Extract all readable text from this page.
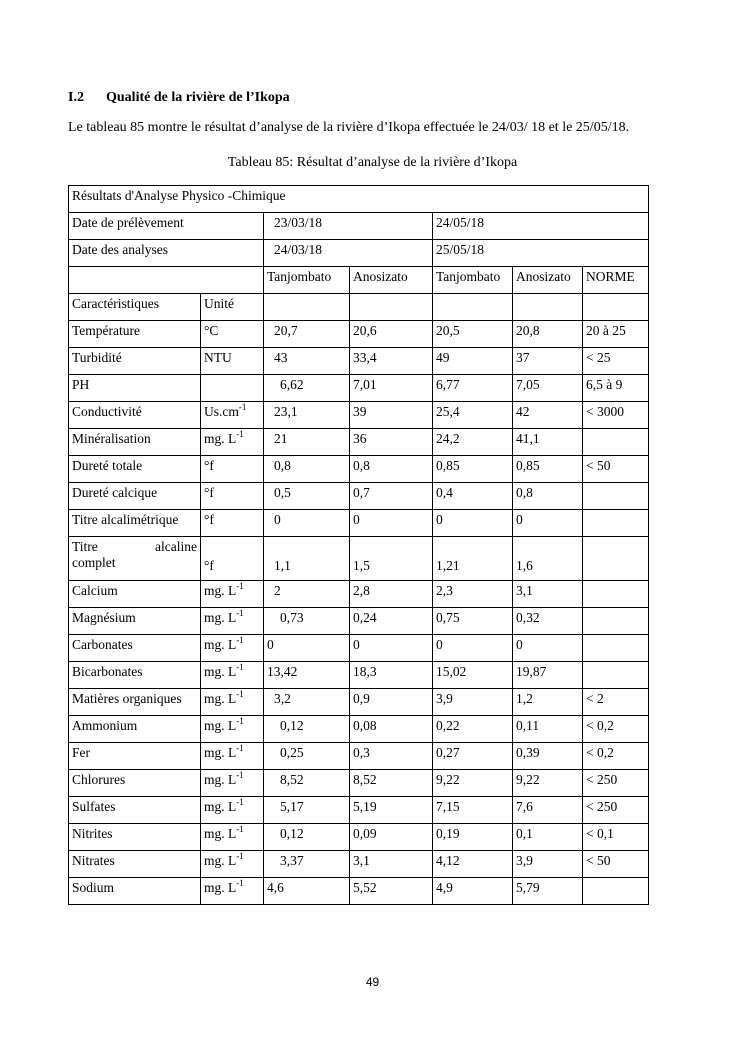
I.2 Qualité de la rivière de l’Ikopa
Le tableau 85 montre le résultat d’analyse de la rivière d’Ikopa effectuée le 24/03/ 18 et le 25/05/18.
Tableau 85: Résultat d’analyse de la rivière d’Ikopa
Résultats d'Analyse Physico -Chimique						
Date de prélèvement		23/03/18		24/05/18		
Date des analyses		24/03/18		25/05/18		
		Tanjombato	Anosizato	Tanjombato	Anosizato	NORME
Caractéristiques	Unité					
Température	°C	20,7	20,6	20,5	20,8	20 à 25
Turbidité	NTU	43	33,4	49	37	< 25
PH		6,62	7,01	6,77	7,05	6,5 à 9
Conductivité	$Us.cm^{-1}$	23,1	39	25,4	42	< 3000
Minéralisation	mg. $L^{-1}$	21	36	24,2	41,1	
Dureté totale	°f	0,8	0,8	0,85	0,85	< 50
Dureté calcique	°f	0,5	0,7	0,4	0,8	
Titre alcalimétrique	°f	0	0	0	0	

Titre alcaline
complet	°f	1,1	1,5	1,21	1,6	
Calcium	mg. $L^{-1}$	2	2,8	2,3	3,1	
Magnésium	mg. $L^{-1}$	0,73	0,24	0,75	0,32	
Carbonates	mg. $L^{-1}$	0	0	0	0	
Bicarbonates	mg. $L^{-1}$	13,42	18,3	15,02	19,87	
Matières organiques	mg. $L^{-1}$	3,2	0,9	3,9	1,2	< 2
Ammonium	mg. $L^{-1}$	0,12	0,08	0,22	0,11	< 0,2
Fer	mg. $L^{-1}$	0,25	0,3	0,27	0,39	< 0,2
Chlorures	mg. $L^{-1}$	8,52	8,52	9,22	9,22	< 250
Sulfates	mg. $L^{-1}$	5,17	5,19	7,15	7,6	< 250
Nitrites	mg. $L^{-1}$	0,12	0,09	0,19	0,1	< 0,1
Nitrates	mg. $L^{-1}$	3,37	3,1	4,12	3,9	< 50
Sodium	mg. $L^{-1}$	4,6	5,52	4,9	5,79	
49
